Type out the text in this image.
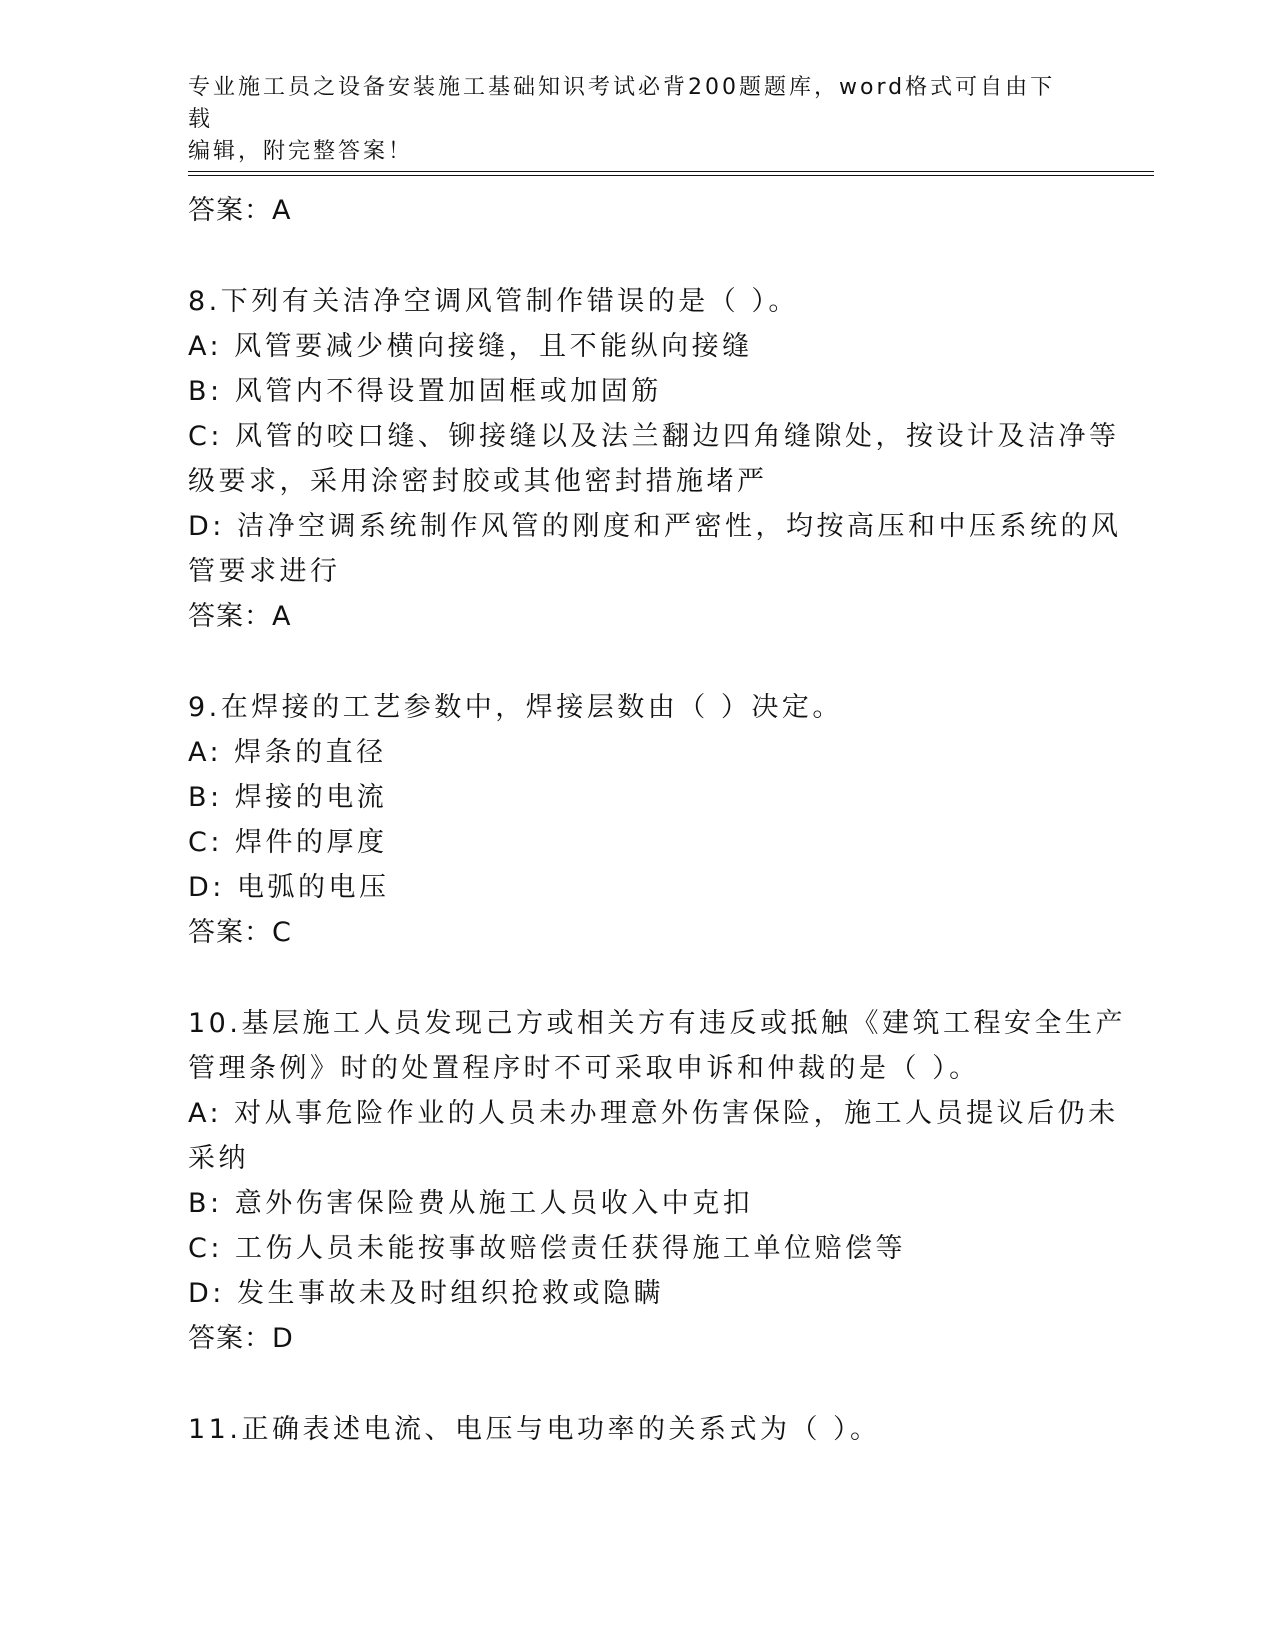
专业施工员之设备安装施工基础知识考试必背200题题库，word格式可自由下载
编辑，附完整答案！
答案：A
8.下列有关洁净空调风管制作错误的是（ ）。
A: 风管要减少横向接缝，且不能纵向接缝
B: 风管内不得设置加固框或加固筋
C: 风管的咬口缝、铆接缝以及法兰翻边四角缝隙处，按设计及洁净等
级要求，采用涂密封胶或其他密封措施堵严
D: 洁净空调系统制作风管的刚度和严密性，均按高压和中压系统的风
管要求进行
答案：A
9.在焊接的工艺参数中，焊接层数由（ ）决定。
A: 焊条的直径
B: 焊接的电流
C: 焊件的厚度
D: 电弧的电压
答案：C
10.基层施工人员发现己方或相关方有违反或抵触《建筑工程安全生产
管理条例》时的处置程序时不可采取申诉和仲裁的是（ ）。
A: 对从事危险作业的人员未办理意外伤害保险，施工人员提议后仍未
采纳
B: 意外伤害保险费从施工人员收入中克扣
C: 工伤人员未能按事故赔偿责任获得施工单位赔偿等
D: 发生事故未及时组织抢救或隐瞒
答案：D
11.正确表述电流、电压与电功率的关系式为（ ）。
